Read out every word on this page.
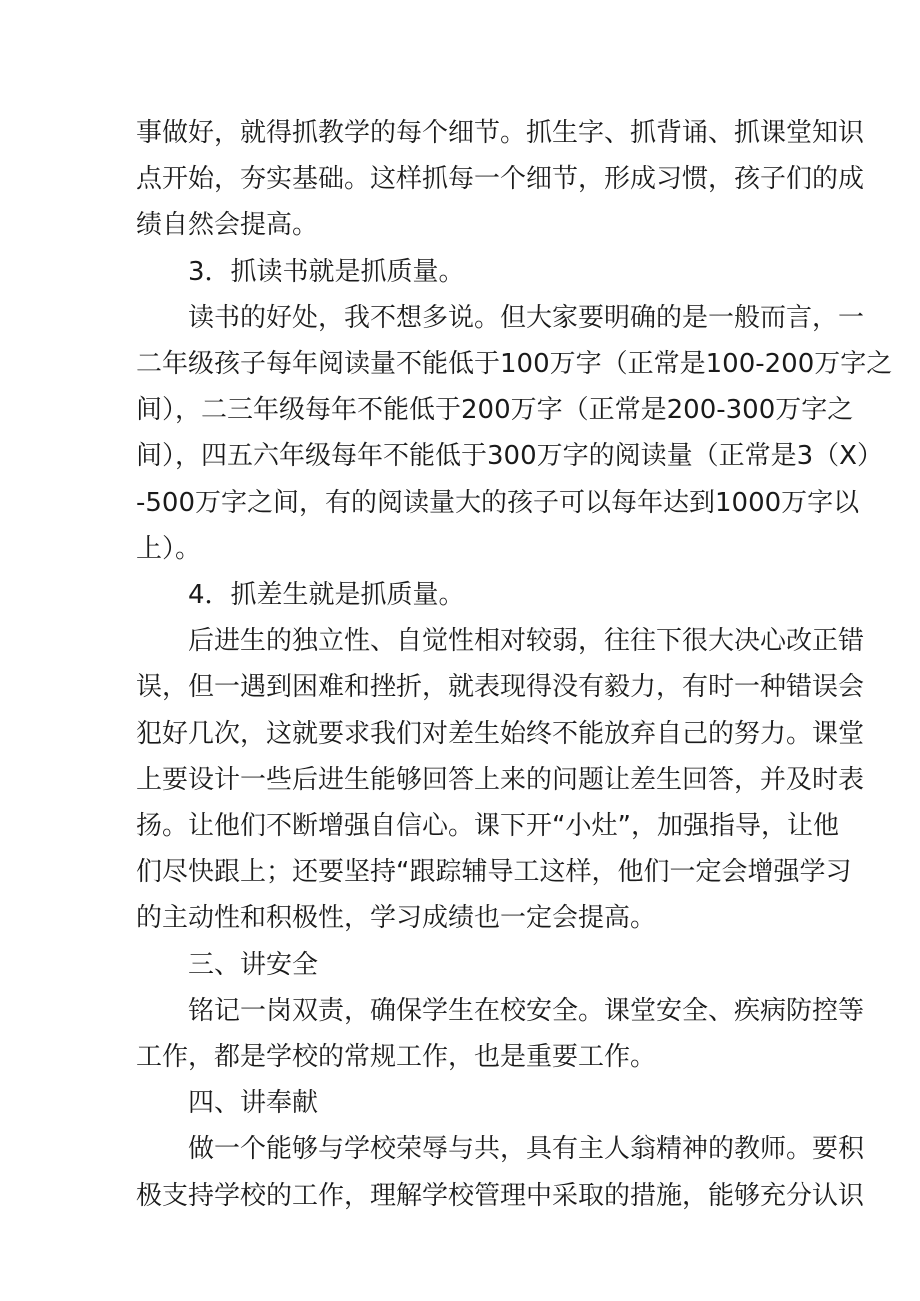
事做好，就得抓教学的每个细节。抓生字、抓背诵、抓课堂知识
点开始，夯实基础。这样抓每一个细节，形成习惯，孩子们的成
绩自然会提高。
3．抓读书就是抓质量。
读书的好处，我不想多说。但大家要明确的是一般而言，一
二年级孩子每年阅读量不能低于100万字（正常是100-200万字之
间），二三年级每年不能低于200万字（正常是200-300万字之
间），四五六年级每年不能低于300万字的阅读量（正常是3（X）
-500万字之间，有的阅读量大的孩子可以每年达到1000万字以
上）。
4．抓差生就是抓质量。
后进生的独立性、自觉性相对较弱，往往下很大决心改正错
误，但一遇到困难和挫折，就表现得没有毅力，有时一种错误会
犯好几次，这就要求我们对差生始终不能放弃自己的努力。课堂
上要设计一些后进生能够回答上来的问题让差生回答，并及时表
扬。让他们不断增强自信心。课下开“小灶”，加强指导，让他
们尽快跟上；还要坚持“跟踪辅导工这样，他们一定会增强学习
的主动性和积极性，学习成绩也一定会提高。
三、讲安全
铭记一岗双责，确保学生在校安全。课堂安全、疾病防控等
工作，都是学校的常规工作，也是重要工作。
四、讲奉献
做一个能够与学校荣辱与共，具有主人翁精神的教师。要积
极支持学校的工作，理解学校管理中采取的措施，能够充分认识
